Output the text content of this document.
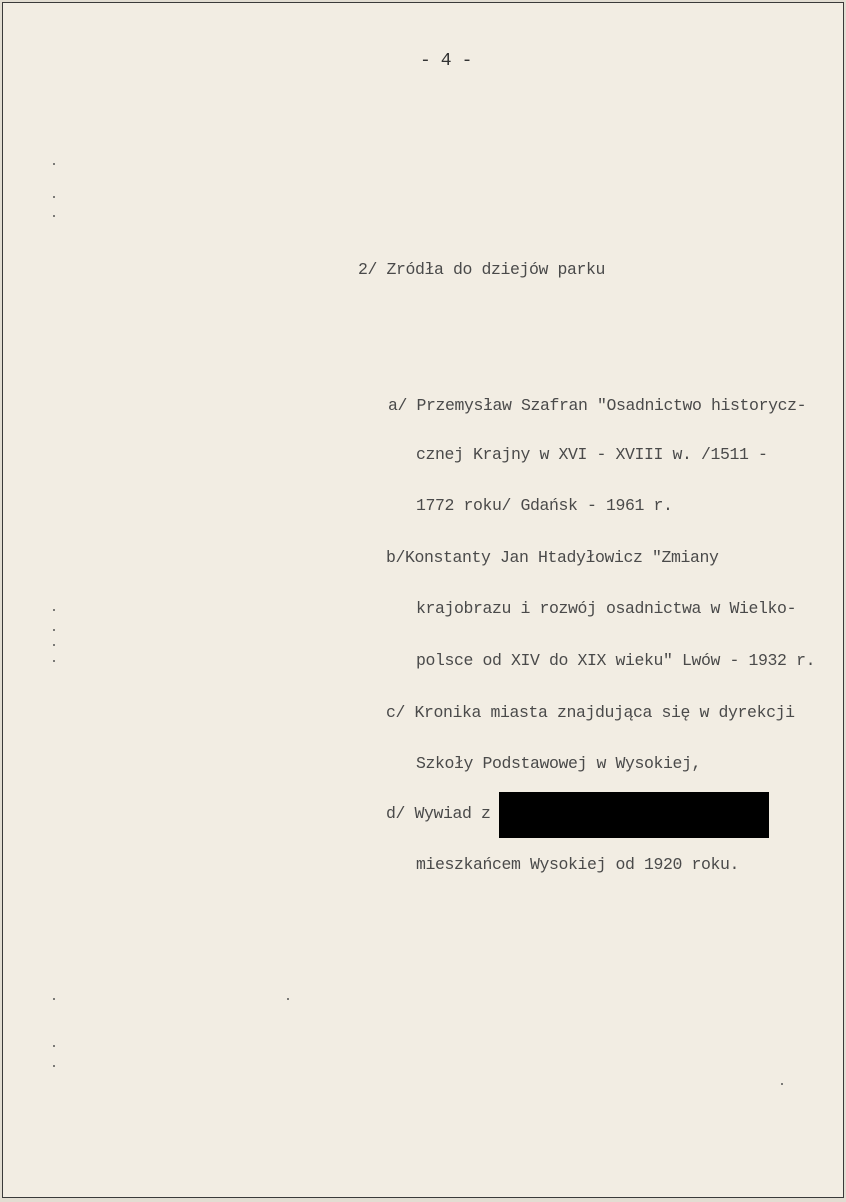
- 4 -
2/ Zródła do dziejów parku
a/ Przemysław Szafran "Osadnictwo historycz-
cznej Krajny w XVI - XVIII w. /1511 -
1772 roku/ Gdańsk - 1961 r.
b/Konstanty Jan Htadyłowicz "Zmiany
krajobrazu i rozwój osadnictwa w Wielko-
polsce od XIV do XIX wieku" Lwów - 1932 r.
c/ Kronika miasta znajdująca się w dyrekcji
Szkoły Podstawowej w Wysokiej,
d/ Wywiad z
mieszkańcem Wysokiej od 1920 roku.
